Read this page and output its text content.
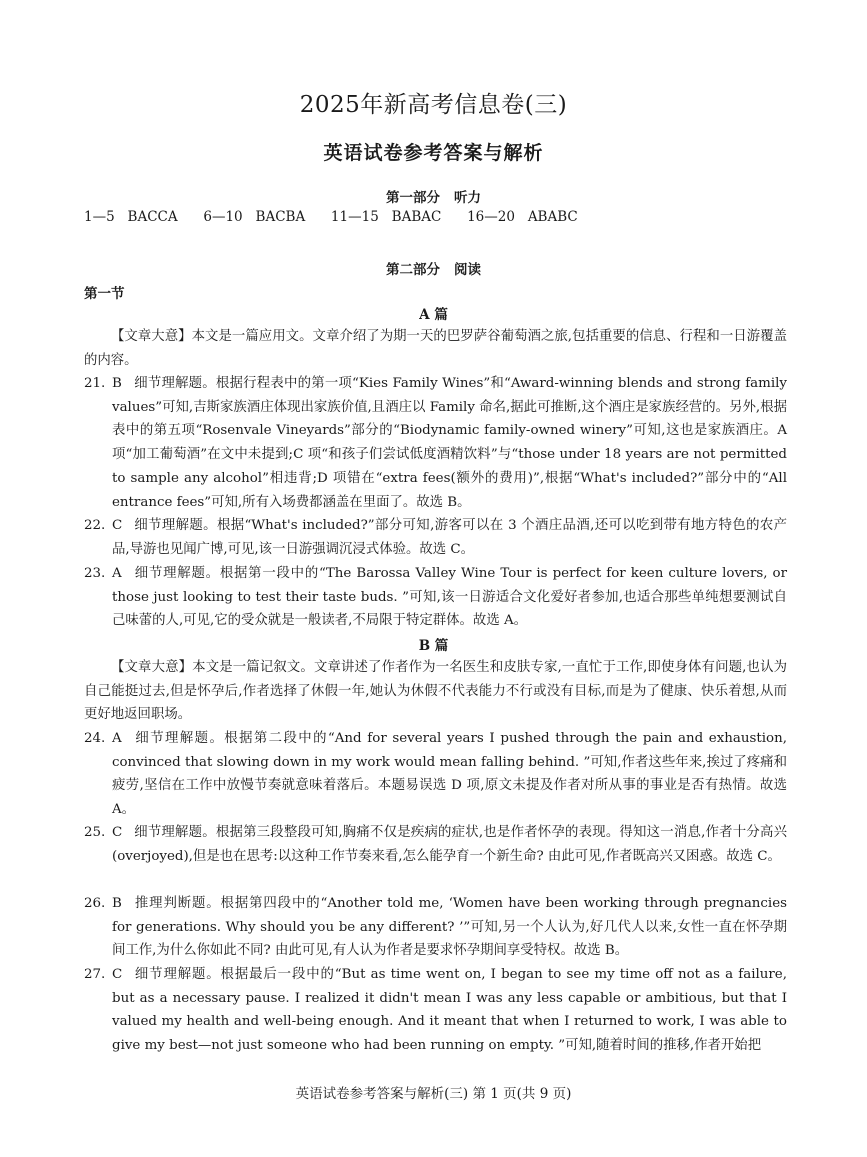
2025年新高考信息卷(三)
英语试卷参考答案与解析
第一部分 听力
1—5   BACCA      6—10   BACBA      11—15   BABAC      16—20   ABABC
第二部分 阅读
第一节
A 篇
【文章大意】本文是一篇应用文。文章介绍了为期一天的巴罗萨谷葡萄酒之旅,包括重要的信息、行程和一日游覆盖的内容。
21. B 细节理解题。根据行程表中的第一项“Kies Family Wines”和“Award-winning blends and strong family values”可知,吉斯家族酒庄体现出家族价值,且酒庄以 Family 命名,据此可推断,这个酒庄是家族经营的。另外,根据表中的第五项“Rosenvale Vineyards”部分的“Biodynamic family-owned winery”可知,这也是家族酒庄。A 项“加工葡萄酒”在文中未提到;C 项“和孩子们尝试低度酒精饮料”与“those under 18 years are not permitted to sample any alcohol”相违背;D 项错在“extra fees(额外的费用)”,根据“What's included?”部分中的“All entrance fees”可知,所有入场费都涵盖在里面了。故选 B。
22. C 细节理解题。根据“What's included?”部分可知,游客可以在 3 个酒庄品酒,还可以吃到带有地方特色的农产品,导游也见闻广博,可见,该一日游强调沉浸式体验。故选 C。
23. A 细节理解题。根据第一段中的“The Barossa Valley Wine Tour is perfect for keen culture lovers, or those just looking to test their taste buds. ”可知,该一日游适合文化爱好者参加,也适合那些单纯想要测试自己味蕾的人,可见,它的受众就是一般读者,不局限于特定群体。故选 A。
B 篇
【文章大意】本文是一篇记叙文。文章讲述了作者作为一名医生和皮肤专家,一直忙于工作,即使身体有问题,也认为自己能挺过去,但是怀孕后,作者选择了休假一年,她认为休假不代表能力不行或没有目标,而是为了健康、快乐着想,从而更好地返回职场。
24. A 细节理解题。根据第二段中的“And for several years I pushed through the pain and exhaustion, convinced that slowing down in my work would mean falling behind. ”可知,作者这些年来,挨过了疼痛和疲劳,坚信在工作中放慢节奏就意味着落后。本题易误选 D 项,原文未提及作者对所从事的事业是否有热情。故选 A。
25. C 细节理解题。根据第三段整段可知,胸痛不仅是疾病的症状,也是作者怀孕的表现。得知这一消息,作者十分高兴(overjoyed),但是也在思考:以这种工作节奏来看,怎么能孕育一个新生命? 由此可见,作者既高兴又困惑。故选 C。
26. B 推理判断题。根据第四段中的“Another told me, ‘Women have been working through pregnancies for generations. Why should you be any different? ’”可知,另一个人认为,好几代人以来,女性一直在怀孕期间工作,为什么你如此不同? 由此可见,有人认为作者是要求怀孕期间享受特权。故选 B。
27. C 细节理解题。根据最后一段中的“But as time went on, I began to see my time off not as a failure, but as a necessary pause. I realized it didn't mean I was any less capable or ambitious, but that I valued my health and well-being enough. And it meant that when I returned to work, I was able to give my best—not just someone who had been running on empty. ”可知,随着时间的推移,作者开始把
英语试卷参考答案与解析(三) 第 1 页(共 9 页)
